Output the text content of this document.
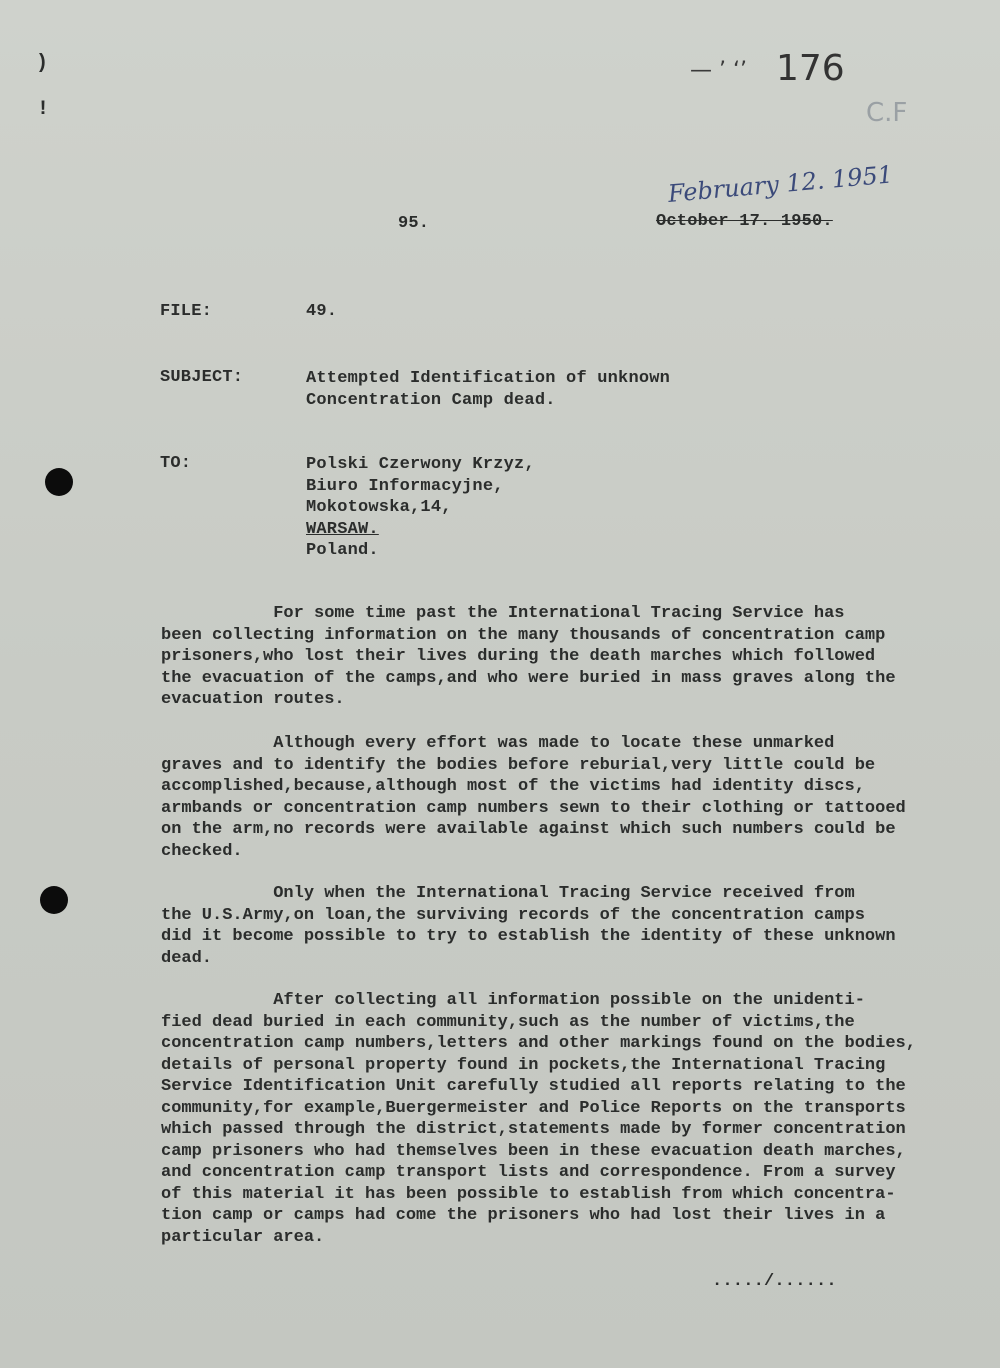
)
!
— ’ ‘’ 176
C.F
February 12. 1951
October 17. 1950.
95.
FILE:	49.
SUBJECT:	Attempted Identification of unknown
Concentration Camp dead.
TO:	Polski Czerwony Krzyz,
Biuro Informacyjne,
Mokotowska,14,
WARSAW.
Poland.

For some time past the International Tracing Service has

been collecting information on the many thousands of concentration camp

prisoners,who lost their lives during the death marches which followed

the evacuation of the camps,and who were buried in mass graves along the

evacuation routes.

Although every effort was made to locate these unmarked

graves and to identify the bodies before reburial,very little could be

accomplished,because,although most of the victims had identity discs,

armbands or concentration camp numbers sewn to their clothing or tattooed

on the arm,no records were available against which such numbers could be

checked.

Only when the International Tracing Service received from

the U.S.Army,on loan,the surviving records of the concentration camps

did it become possible to try to establish the identity of these unknown

dead.

After collecting all information possible on the unidenti-

fied dead buried in each community,such as the number of victims,the

concentration camp numbers,letters and other markings found on the bodies,

details of personal property found in pockets,the International Tracing

Service Identification Unit carefully studied all reports relating to the

community,for example,Buergermeister and Police Reports on the transports

which passed through the district,statements made by former concentration

camp prisoners who had themselves been in these evacuation death marches,

and concentration camp transport lists and correspondence. From a survey

of this material it has been possible to establish from which concentra-

tion camp or camps had come the prisoners who had lost their lives in a

particular area.

...../......
